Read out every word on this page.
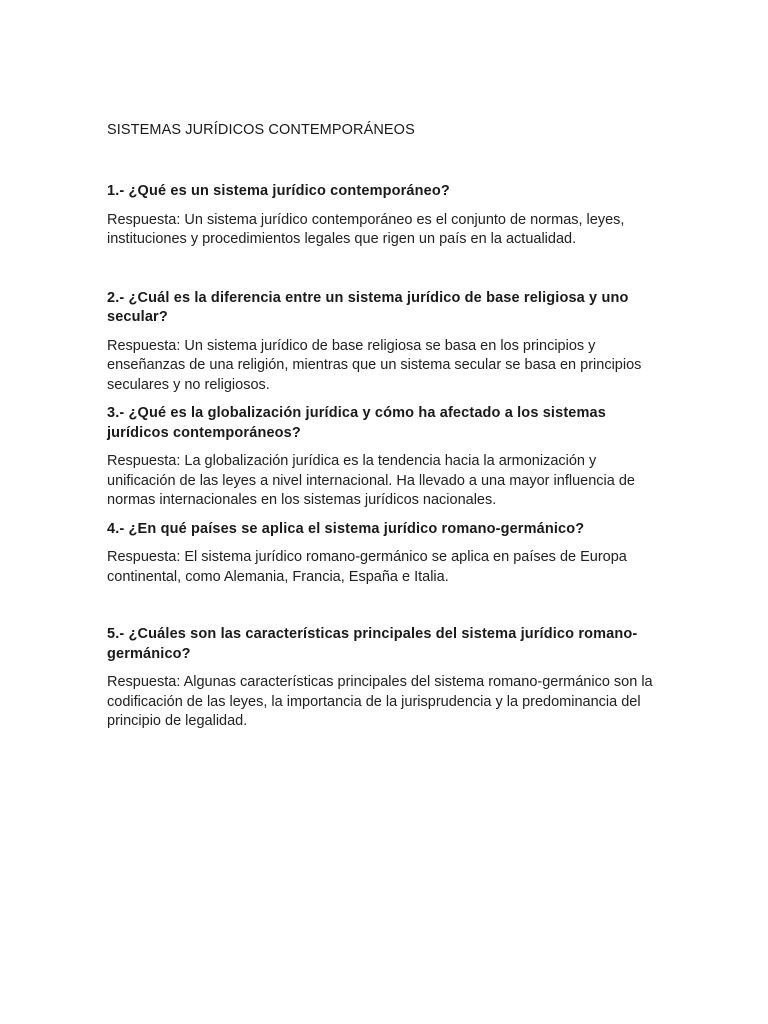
SISTEMAS JURÍDICOS CONTEMPORÁNEOS

1.- ¿Qué es un sistema jurídico contemporáneo?

Respuesta: Un sistema jurídico contemporáneo es el conjunto de normas, leyes, instituciones y procedimientos legales que rigen un país en la actualidad.

2.- ¿Cuál es la diferencia entre un sistema jurídico de base religiosa y uno secular?

Respuesta: Un sistema jurídico de base religiosa se basa en los principios y enseñanzas de una religión, mientras que un sistema secular se basa en principios seculares y no religiosos.

3.- ¿Qué es la globalización jurídica y cómo ha afectado a los sistemas jurídicos contemporáneos?

Respuesta: La globalización jurídica es la tendencia hacia la armonización y unificación de las leyes a nivel internacional. Ha llevado a una mayor influencia de normas internacionales en los sistemas jurídicos nacionales.

4.- ¿En qué países se aplica el sistema jurídico romano-germánico?

Respuesta: El sistema jurídico romano-germánico se aplica en países de Europa continental, como Alemania, Francia, España e Italia.

5.- ¿Cuáles son las características principales del sistema jurídico romano-germánico?

Respuesta: Algunas características principales del sistema romano-germánico son la codificación de las leyes, la importancia de la jurisprudencia y la predominancia del principio de legalidad.
